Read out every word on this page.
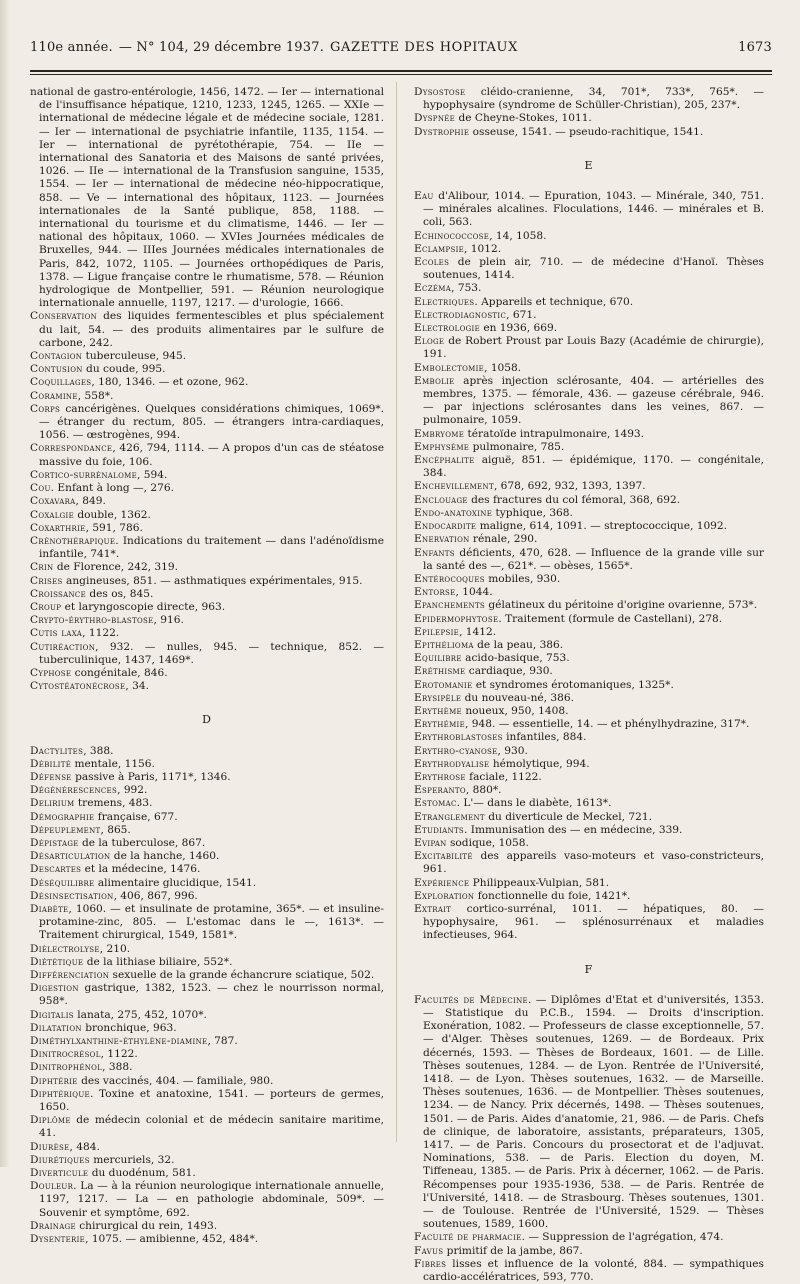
110e année. — N° 104, 29 décembre 1937. GAZETTE DES HOPITAUX	1673

national de gastro-entérologie, 1456, 1472. — Ier — international de l'insuffisance hépatique, 1210, 1233, 1245, 1265. — XXIe — international de médecine légale et de médecine sociale, 1281. — Ier — international de psychiatrie infantile, 1135, 1154. — Ier — international de pyrétothérapie, 754. — IIe — international des Sanatoria et des Maisons de santé privées, 1026. — IIe — international de la Transfusion sanguine, 1535, 1554. — Ier — international de médecine néo-hippocratique, 858. — Ve — international des hôpitaux, 1123. — Journées internationales de la Santé publique, 858, 1188. — international du tourisme et du climatisme, 1446. — Ier — national des hôpitaux, 1060. — XVIes Journées médicales de Bruxelles, 944. — IIIes Journées médicales internationales de Paris, 842, 1072, 1105. — Journées orthopédiques de Paris, 1378. — Ligue française contre le rhumatisme, 578. — Réunion hydrologique de Montpellier, 591. — Réunion neurologique internationale annuelle, 1197, 1217. — d'urologie, 1666.

Conservation des liquides fermentescibles et plus spécialement du lait, 54. — des produits alimentaires par le sulfure de carbone, 242.

Contagion tuberculeuse, 945.

Contusion du coude, 995.

Coquillages, 180, 1346. — et ozone, 962.

Coramine, 558*.

Corps cancérigènes. Quelques considérations chimiques, 1069*. — étranger du rectum, 805. — étrangers intra-cardiaques, 1056. — œstrogènes, 994.

Correspondance, 426, 794, 1114. — A propos d'un cas de stéatose massive du foie, 106.

Cortico-surrénalome, 594.

Cou. Enfant à long —, 276.

Coxavara, 849.

Coxalgie double, 1362.

Coxarthrie, 591, 786.

Crénothérapique. Indications du traitement — dans l'adénoïdisme infantile, 741*.

Crin de Florence, 242, 319.

Crises angineuses, 851. — asthmatiques expérimentales, 915.

Croissance des os, 845.

Croup et laryngoscopie directe, 963.

Crypto-érythro-blastose, 916.

Cutis laxa, 1122.

Cutiréaction, 932. — nulles, 945. — technique, 852. — tuberculinique, 1437, 1469*.

Cyphose congénitale, 846.

Cytostéatonécrose, 34.

D

Dactylites, 388.

Débilité mentale, 1156.

Défense passive à Paris, 1171*, 1346.

Dégénérescences, 992.

Delirium tremens, 483.

Démographie française, 677.

Dépeuplement, 865.

Dépistage de la tuberculose, 867.

Désarticulation de la hanche, 1460.

Descartes et la médecine, 1476.

Déséquilibre alimentaire glucidique, 1541.

Désinsectisation, 406, 867, 996.

Diabète, 1060. — et insulinate de protamine, 365*. — et insuline-protamine-zinc, 805. — L'estomac dans le —, 1613*. — Traitement chirurgical, 1549, 1581*.

Diélectrolyse, 210.

Diététique de la lithiase biliaire, 552*.

Différenciation sexuelle de la grande échancrure sciatique, 502.

Digestion gastrique, 1382, 1523. — chez le nourrisson normal, 958*.

Digitalis lanata, 275, 452, 1070*.

Dilatation bronchique, 963.

Diméthylxanthine-éthylène-diamine, 787.

Dinitrocrésol, 1122.

Dinitrophénol, 388.

Diphtérie des vaccinés, 404. — familiale, 980.

Diphtérique. Toxine et anatoxine, 1541. — porteurs de germes, 1650.

Diplôme de médecin colonial et de médecin sanitaire maritime, 41.

Diurèse, 484.

Diurétiques mercuriels, 32.

Diverticule du duodénum, 581.

Douleur. La — à la réunion neurologique internationale annuelle, 1197, 1217. — La — en pathologie abdominale, 509*. — Souvenir et symptôme, 692.

Drainage chirurgical du rein, 1493.

Dysenterie, 1075. — amibienne, 452, 484*.

Dysostose cléido-cranienne, 34, 701*, 733*, 765*. — hypophysaire (syndrome de Schüller-Christian), 205, 237*.

Dyspnée de Cheyne-Stokes, 1011.

Dystrophie osseuse, 1541. — pseudo-rachitique, 1541.

E

Eau d'Alibour, 1014. — Epuration, 1043. — Minérale, 340, 751. — minérales alcalines. Floculations, 1446. — minérales et B. coli, 563.

Echinococcose, 14, 1058.

Eclampsie, 1012.

Ecoles de plein air, 710. — de médecine d'Hanoï. Thèses soutenues, 1414.

Eczéma, 753.

Electriques. Appareils et technique, 670.

Electrodiagnostic, 671.

Electrologie en 1936, 669.

Eloge de Robert Proust par Louis Bazy (Académie de chirurgie), 191.

Embolectomie, 1058.

Embolie après injection sclérosante, 404. — artérielles des membres, 1375. — fémorale, 436. — gazeuse cérébrale, 946. — par injections sclérosantes dans les veines, 867. — pulmonaire, 1059.

Embryome tératoïde intrapulmonaire, 1493.

Emphysème pulmonaire, 785.

Encéphalite aiguë, 851. — épidémique, 1170. — congénitale, 384.

Enchevillement, 678, 692, 932, 1393, 1397.

Enclouage des fractures du col fémoral, 368, 692.

Endo-anatoxine typhique, 368.

Endocardite maligne, 614, 1091. — streptococcique, 1092.

Enervation rénale, 290.

Enfants déficients, 470, 628. — Influence de la grande ville sur la santé des —, 621*. — obèses, 1565*.

Entérocoques mobiles, 930.

Entorse, 1044.

Epanchements gélatineux du péritoine d'origine ovarienne, 573*.

Epidermophytose. Traitement (formule de Castellani), 278.

Epilepsie, 1412.

Epithélioma de la peau, 386.

Equilibre acido-basique, 753.

Eréthisme cardiaque, 930.

Erotomanie et syndromes érotomaniques, 1325*.

Erysipèle du nouveau-né, 386.

Erythème noueux, 950, 1408.

Erythémie, 948. — essentielle, 14. — et phénylhydrazine, 317*.

Erythroblastoses infantiles, 884.

Erythro-cyanose, 930.

Erythrodyalise hémolytique, 994.

Erythrose faciale, 1122.

Esperanto, 880*.

Estomac. L'— dans le diabète, 1613*.

Etranglement du diverticule de Meckel, 721.

Etudiants. Immunisation des — en médecine, 339.

Evipan sodique, 1058.

Excitabilité des appareils vaso-moteurs et vaso-constricteurs, 961.

Expérience Philippeaux-Vulpian, 581.

Exploration fonctionnelle du foie, 1421*.

Extrait cortico-surrénal, 1011. — hépatiques, 80. — hypophysaire, 961. — splénosurrénaux et maladies infectieuses, 964.

F

Facultés de Médecine. — Diplômes d'Etat et d'universités, 1353. — Statistique du P.C.B., 1594. — Droits d'inscription. Exonération, 1082. — Professeurs de classe exceptionnelle, 57. — d'Alger. Thèses soutenues, 1269. — de Bordeaux. Prix décernés, 1593. — Thèses de Bordeaux, 1601. — de Lille. Thèses soutenues, 1284. — de Lyon. Rentrée de l'Université, 1418. — de Lyon. Thèses soutenues, 1632. — de Marseille. Thèses soutenues, 1636. — de Montpellier. Thèses soutenues, 1234. — de Nancy. Prix décernés, 1498. — Thèses soutenues, 1501. — de Paris. Aides d'anatomie, 21, 986. — de Paris. Chefs de clinique, de laboratoire, assistants, préparateurs, 1305, 1417. — de Paris. Concours du prosectorat et de l'adjuvat. Nominations, 538. — de Paris. Election du doyen, M. Tiffeneau, 1385. — de Paris. Prix à décerner, 1062. — de Paris. Récompenses pour 1935-1936, 538. — de Paris. Rentrée de l'Université, 1418. — de Strasbourg. Thèses soutenues, 1301. — de Toulouse. Rentrée de l'Université, 1529. — Thèses soutenues, 1589, 1600.

Faculté de pharmacie. — Suppression de l'agrégation, 474.

Favus primitif de la jambe, 867.

Fibres lisses et influence de la volonté, 884. — sympathiques cardio-accélératrices, 593, 770.
